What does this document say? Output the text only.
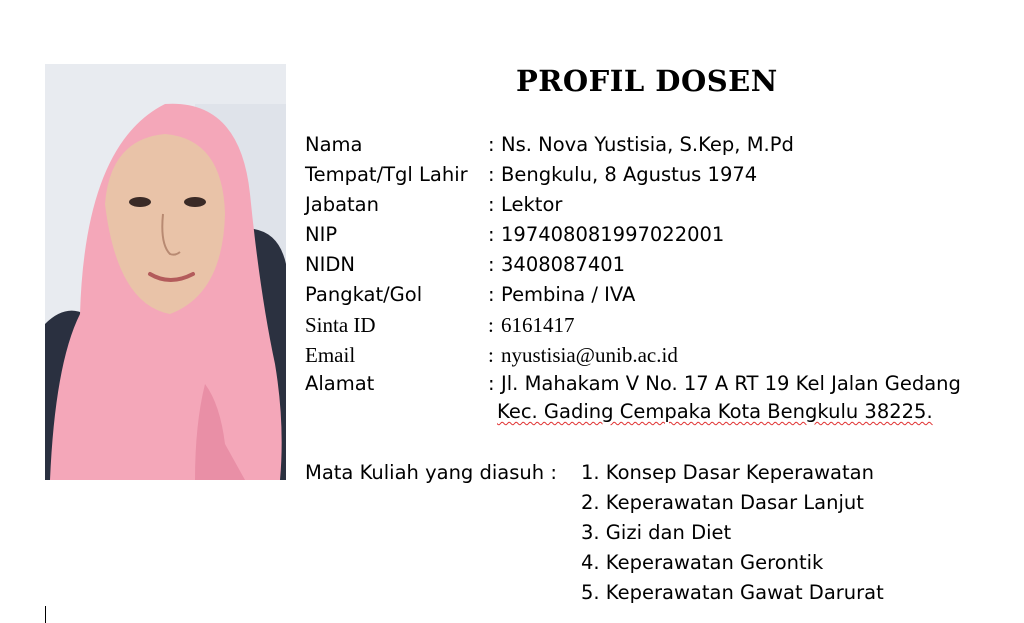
PROFIL DOSEN
Nama	: Ns. Nova Yustisia, S.Kep, M.Pd
Tempat/Tgl Lahir : Bengkulu, 8 Agustus 1974
Jabatan	: Lektor
NIP	: 197408081997022001
NIDN	: 3408087401
Pangkat/Gol	: Pembina / IVA
Sinta ID	: 6161417
Email	: nyustisia@unib.ac.id
Alamat	: Jl. Mahakam V No. 17 A RT 19 Kel Jalan Gedang
Kec. Gading Cempaka Kota Bengkulu 38225.
Mata Kuliah yang diasuh : 1. Konsep Dasar Keperawatan
2. Keperawatan Dasar Lanjut
3. Gizi dan Diet
4. Keperawatan Gerontik
5. Keperawatan Gawat Darurat
